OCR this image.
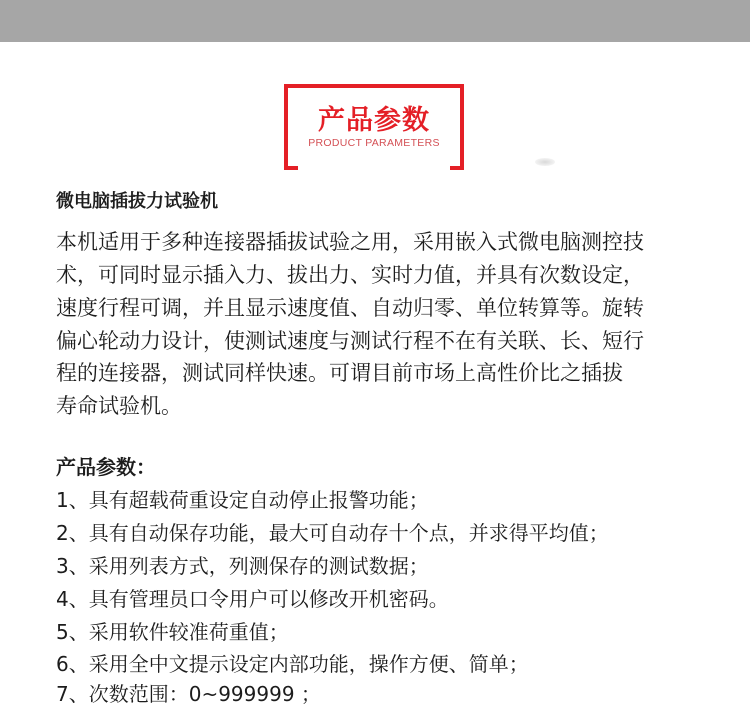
产品参数
PRODUCT PARAMETERS
微电脑插拔力试验机
本机适用于多种连接器插拔试验之用，采用嵌入式微电脑测控技
术，可同时显示插入力、拔出力、实时力值，并具有次数设定，
速度行程可调，并且显示速度值、自动归零、单位转算等。旋转
偏心轮动力设计，使测试速度与测试行程不在有关联、长、短行
程的连接器，测试同样快速。可谓目前市场上高性价比之插拔
寿命试验机。
产品参数：
1、具有超载荷重设定自动停止报警功能；
2、具有自动保存功能，最大可自动存十个点，并求得平均值；
3、采用列表方式，列测保存的测试数据；
4、具有管理员口令用户可以修改开机密码。
5、采用软件较准荷重值；
6、采用全中文提示设定内部功能，操作方便、简单；
7、次数范围：0~999999 ；
